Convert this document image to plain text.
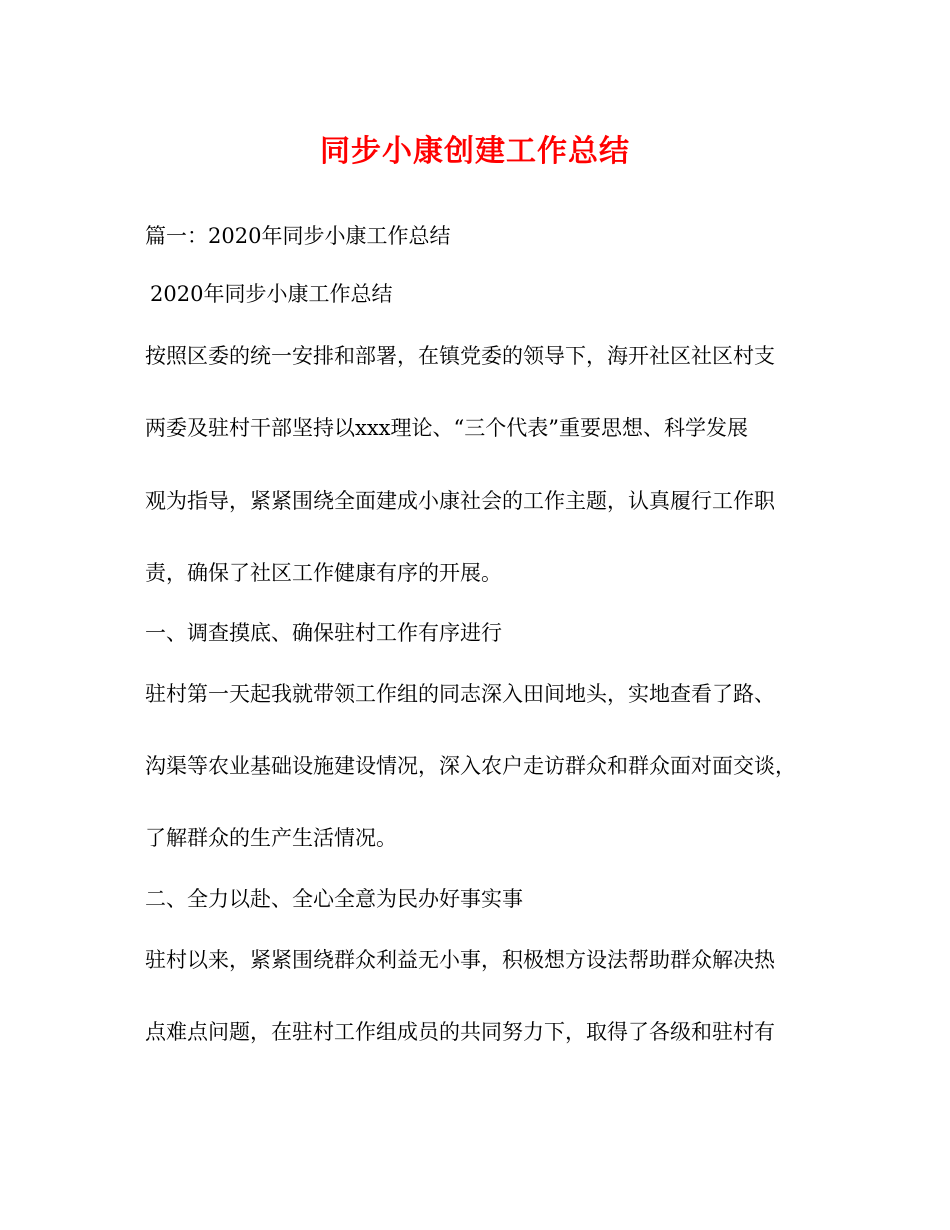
同步小康创建工作总结
篇一：2020年同步小康工作总结
2020年同步小康工作总结
按照区委的统一安排和部署，在镇党委的领导下，海开社区社区村支
两委及驻村干部坚持以xxx理论、“三个代表”重要思想、科学发展
观为指导，紧紧围绕全面建成小康社会的工作主题，认真履行工作职
责，确保了社区工作健康有序的开展。
一、调查摸底、确保驻村工作有序进行
驻村第一天起我就带领工作组的同志深入田间地头，实地查看了路、
沟渠等农业基础设施建设情况，深入农户走访群众和群众面对面交谈，
了解群众的生产生活情况。
二、全力以赴、全心全意为民办好事实事
驻村以来，紧紧围绕群众利益无小事，积极想方设法帮助群众解决热
点难点问题，在驻村工作组成员的共同努力下，取得了各级和驻村有
